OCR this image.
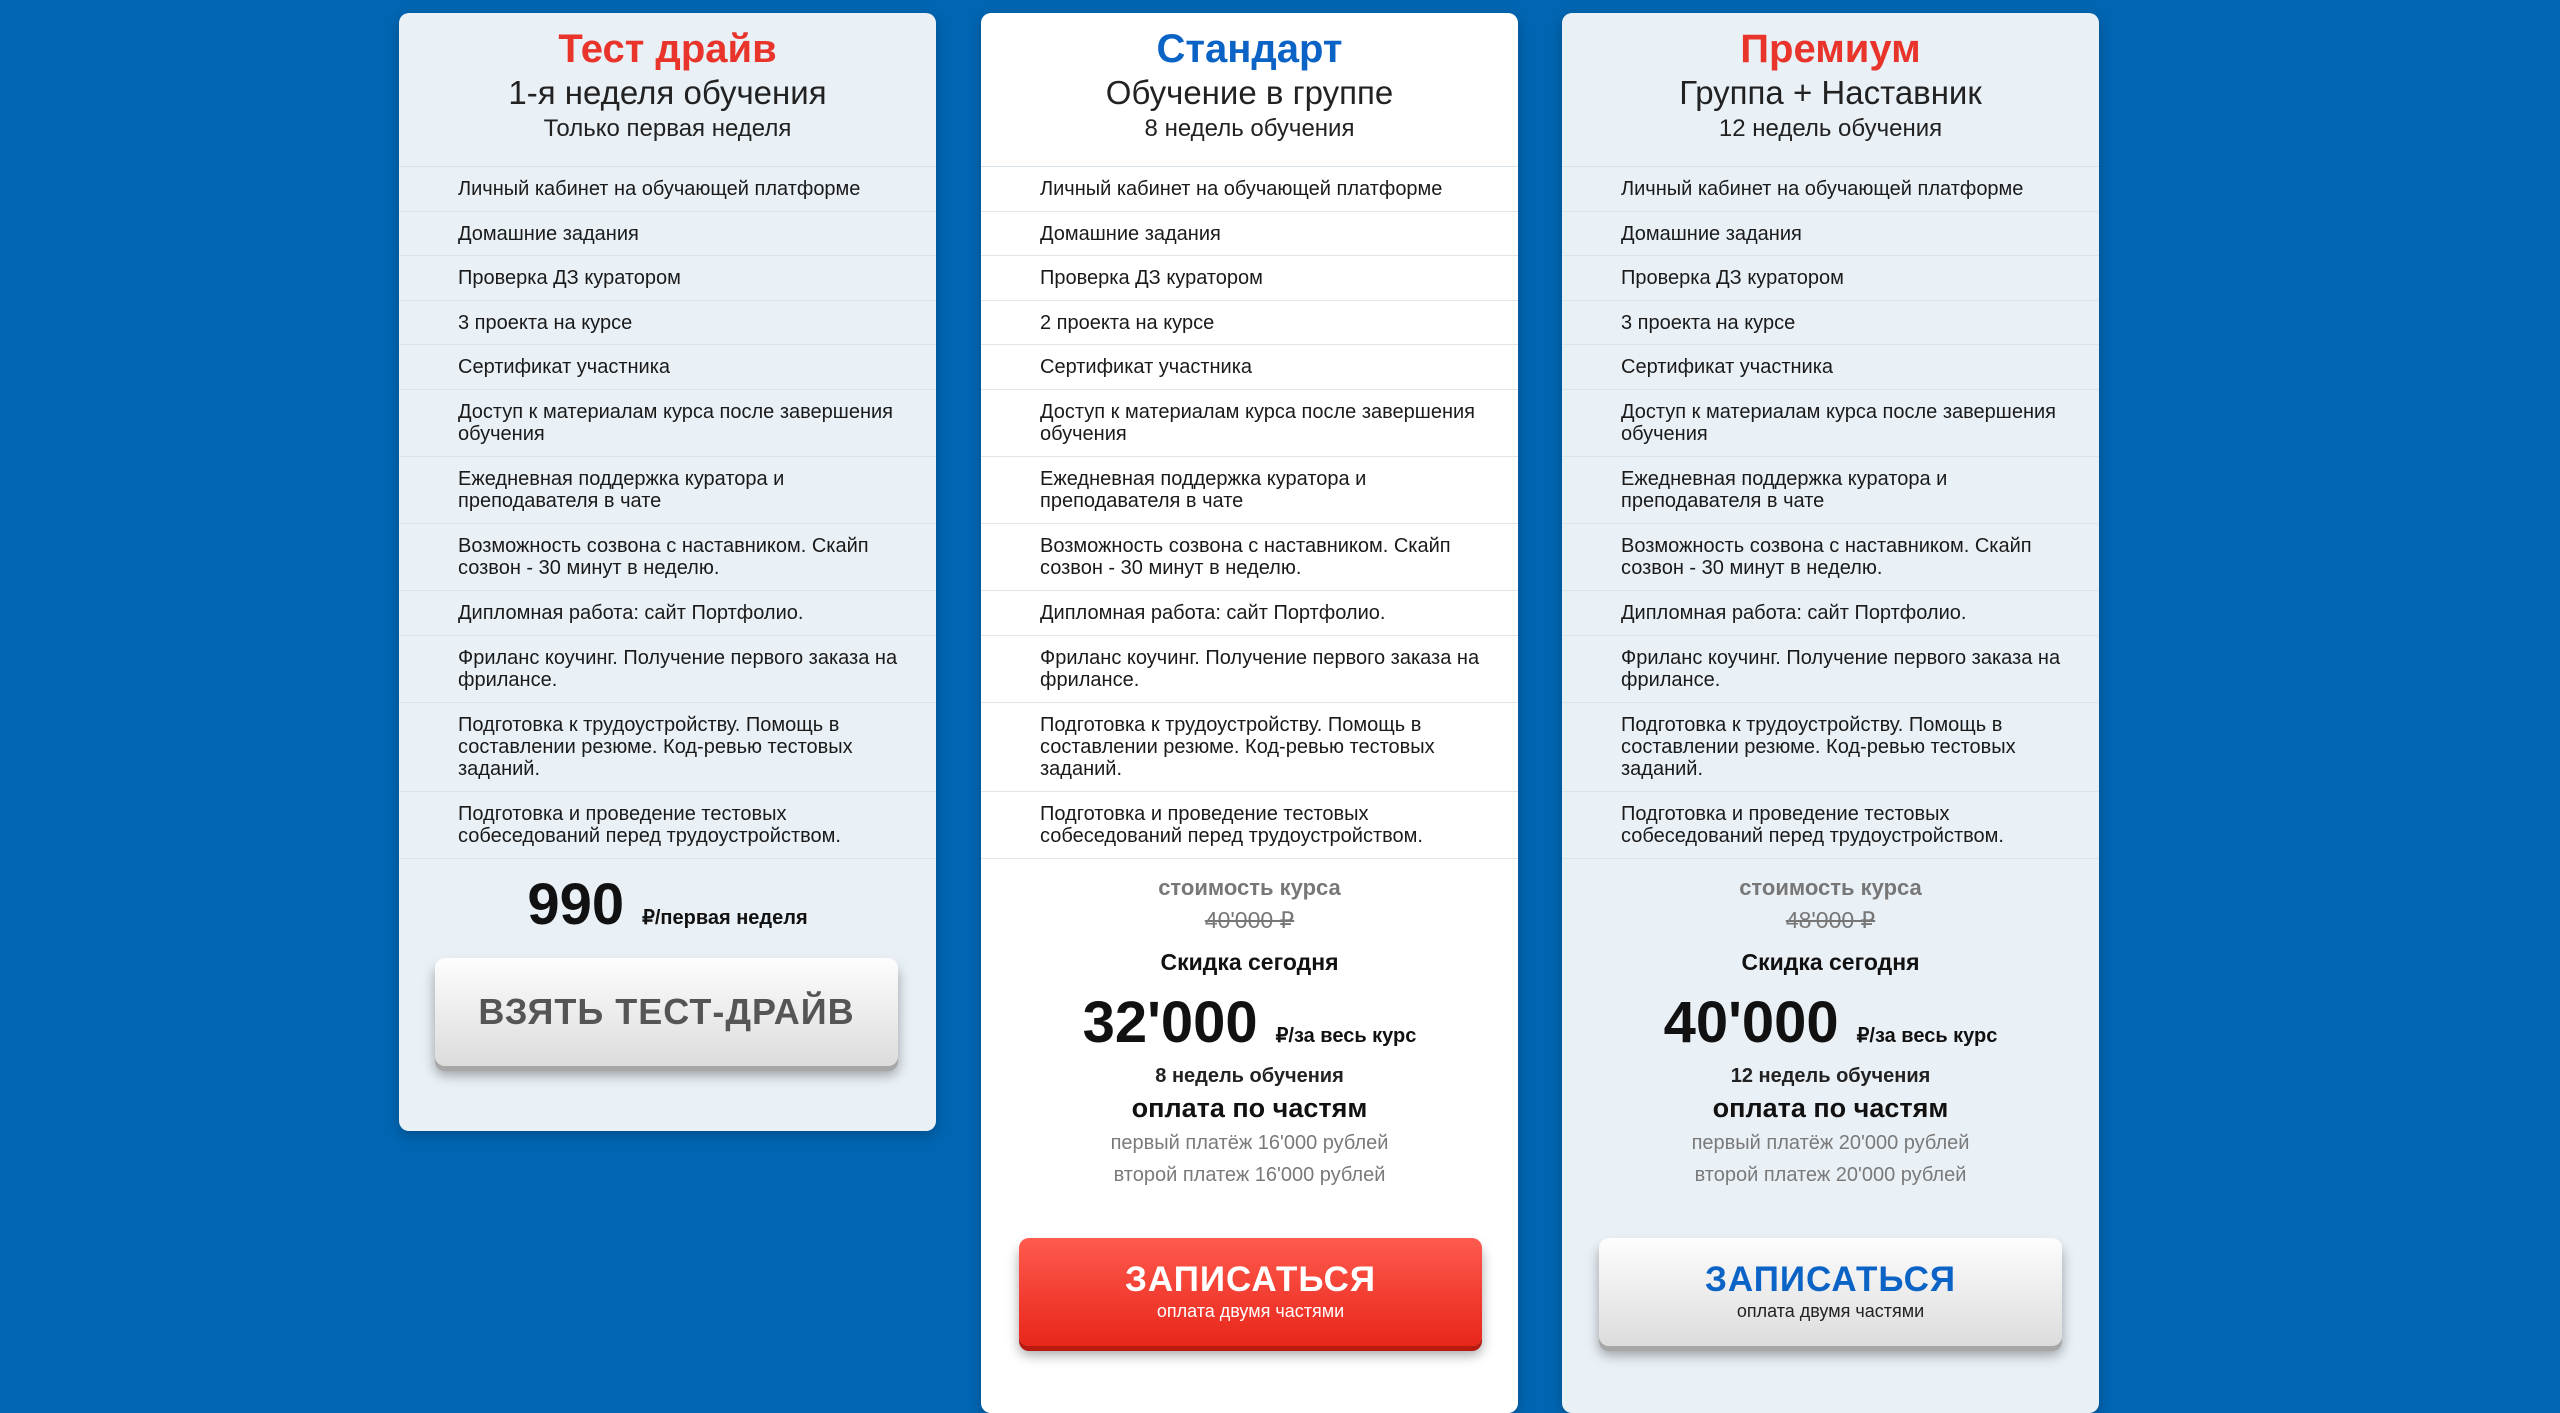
Тест драйв
1-я неделя обучения
Только первая неделя
Личный кабинет на обучающей платформе
Домашние задания
Проверка ДЗ куратором
3 проекта на курсе
Сертификат участника
Доступ к материалам курса после завершения обучения
Ежедневная поддержка куратора и преподавателя в чате
Возможность созвона с наставником. Скайп созвон - 30 минут в неделю.
Дипломная работа: сайт Портфолио.
Фриланс коучинг. Получение первого заказа на фрилансе.
Подготовка к трудоустройству. Помощь в составлении резюме. Код-ревью тестовых заданий.
Подготовка и проведение тестовых собеседований перед трудоустройством.
990 ₽/первая неделя
ВЗЯТЬ ТЕСТ-ДРАЙВ
Стандарт
Обучение в группе
8 недель обучения
Личный кабинет на обучающей платформе
Домашние задания
Проверка ДЗ куратором
2 проекта на курсе
Сертификат участника
Доступ к материалам курса после завершения обучения
Ежедневная поддержка куратора и преподавателя в чате
Возможность созвона с наставником. Скайп созвон - 30 минут в неделю.
Дипломная работа: сайт Портфолио.
Фриланс коучинг. Получение первого заказа на фрилансе.
Подготовка к трудоустройству. Помощь в составлении резюме. Код-ревью тестовых заданий.
Подготовка и проведение тестовых собеседований перед трудоустройством.
стоимость курса
40'000 ₽
Скидка сегодня
32'000 ₽/за весь курс
8 недель обучения
оплата по частям
первый платёж 16'000 рублей
второй платеж 16'000 рублей
ЗАПИСАТЬСЯ
оплата двумя частями
Премиум
Группа + Наставник
12 недель обучения
Личный кабинет на обучающей платформе
Домашние задания
Проверка ДЗ куратором
3 проекта на курсе
Сертификат участника
Доступ к материалам курса после завершения обучения
Ежедневная поддержка куратора и преподавателя в чате
Возможность созвона с наставником. Скайп созвон - 30 минут в неделю.
Дипломная работа: сайт Портфолио.
Фриланс коучинг. Получение первого заказа на фрилансе.
Подготовка к трудоустройству. Помощь в составлении резюме. Код-ревью тестовых заданий.
Подготовка и проведение тестовых собеседований перед трудоустройством.
стоимость курса
48'000 ₽
Скидка сегодня
40'000 ₽/за весь курс
12 недель обучения
оплата по частям
первый платёж 20'000 рублей
второй платеж 20'000 рублей
ЗАПИСАТЬСЯ
оплата двумя частями
